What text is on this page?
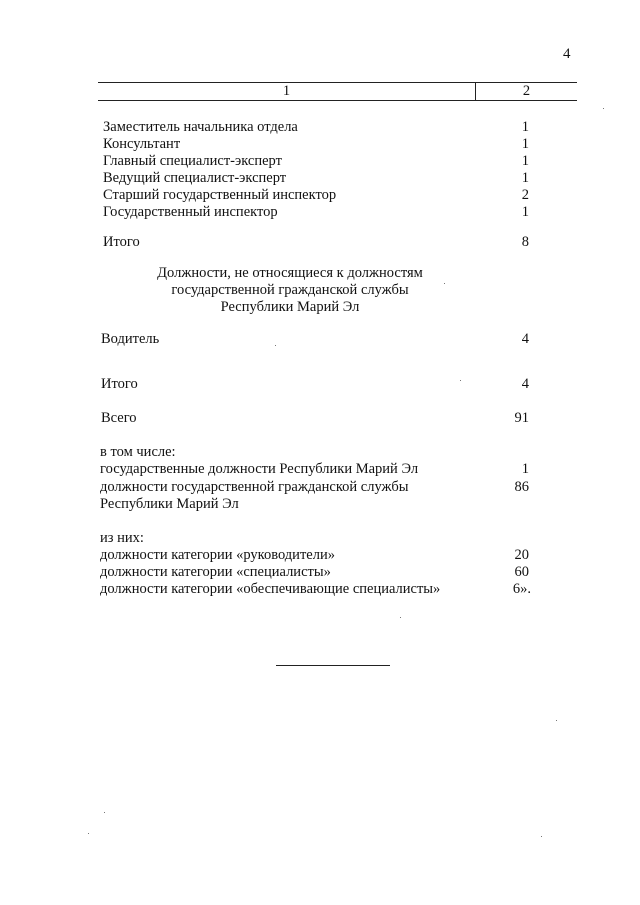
4
1	2
Заместитель начальника отдела	1
Консультант	1
Главный специалист-эксперт	1
Ведущий специалист-эксперт	1
Старший государственный инспектор	2
Государственный инспектор	1
Итого	8
Должности, не относящиеся к должностям
государственной гражданской службы
Республики Марий Эл
Водитель	4
Итого	4
Всего	91
в том числе:
государственные должности Республики Марий Эл	1
должности государственной гражданской службы	86
Республики Марий Эл
из них:
должности категории «руководители»	20
должности категории «специалисты»	60
должности категории «обеспечивающие специалисты»	6».
